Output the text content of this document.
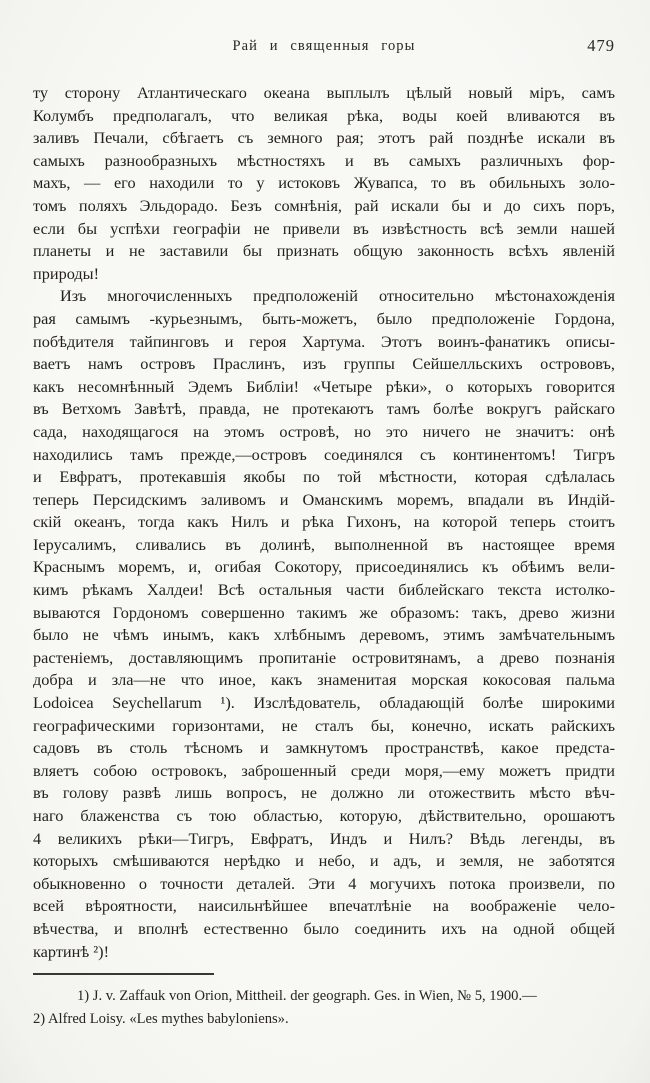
Рай и священныя горы	479
ту сторону Атлантическаго океана выплылъ цѣлый новый міръ, самъ
Колумбъ предполагалъ, что великая рѣка, воды коей вливаются въ
заливъ Печали, сбѣгаетъ съ земного рая; этотъ рай позднѣе искали въ
самыхъ разнообразныхъ мѣстностяхъ и въ самыхъ различныхъ фор-
махъ, — его находили то у истоковъ Жувапса, то въ обильныхъ золо-
томъ поляхъ Эльдорадо. Безъ сомнѣнія, рай искали бы и до сихъ поръ,
если бы успѣхи географіи не привели въ извѣстность всѣ земли нашей
планеты и не заставили бы признать общую законность всѣхъ явленій
природы!
Изъ многочисленныхъ предположеній относительно мѣстонахожденія
рая самымъ -курьезнымъ, быть-можетъ, было предположеніе Гордона,
побѣдителя тайпинговъ и героя Хартума. Этотъ воинъ-фанатикъ описы-
ваетъ намъ островъ Праслинъ, изъ группы Сейшелльскихъ острововъ,
какъ несомнѣнный Эдемъ Библіи! «Четыре рѣки», о которыхъ говорится
въ Ветхомъ Завѣтѣ, правда, не протекаютъ тамъ болѣе вокругъ райскаго
сада, находящагося на этомъ островѣ, но это ничего не значитъ: онѣ
находились тамъ прежде,—островъ соединялся съ континентомъ! Тигръ
и Евфратъ, протекавшія якобы по той мѣстности, которая сдѣлалась
теперь Персидскимъ заливомъ и Оманскимъ моремъ, впадали въ Индій-
скій океанъ, тогда какъ Нилъ и рѣка Гихонъ, на которой теперь стоитъ
Іерусалимъ, сливались въ долинѣ, выполненной въ настоящее время
Краснымъ моремъ, и, огибая Сокотору, присоединялись къ обѣимъ вели-
кимъ рѣкамъ Халдеи! Всѣ остальныя части библейскаго текста истолко-
вываются Гордономъ совершенно такимъ же образомъ: такъ, древо жизни
было не чѣмъ инымъ, какъ хлѣбнымъ деревомъ, этимъ замѣчательнымъ
растеніемъ, доставляющимъ пропитаніе островитянамъ, а древо познанія
добра и зла—не что иное, какъ знаменитая морская кокосовая пальма
Lodoicea Seychellarum ¹). Изслѣдователь, обладающій болѣе широкими
географическими горизонтами, не сталъ бы, конечно, искать райскихъ
садовъ въ столь тѣсномъ и замкнутомъ пространствѣ, какое предста-
вляетъ собою островокъ, заброшенный среди моря,—ему можетъ придти
въ голову развѣ лишь вопросъ, не должно ли отожествить мѣсто вѣч-
наго блаженства съ тою областью, которую, дѣйствительно, орошаютъ
4 великихъ рѣки—Тигръ, Евфратъ, Индъ и Нилъ? Вѣдь легенды, въ
которыхъ смѣшиваются нерѣдко и небо, и адъ, и земля, не заботятся
обыкновенно о точности деталей. Эти 4 могучихъ потока произвели, по
всей вѣроятности, наисильнѣйшее впечатлѣніе на воображеніе чело-
вѣчества, и вполнѣ естественно было соединить ихъ на одной общей
картинѣ ²)!
1) J. v. Zaffauk von Orion, Mittheil. der geograph. Ges. in Wien, № 5, 1900.—
2) Alfred Loisy. «Les mythes babyloniens».
